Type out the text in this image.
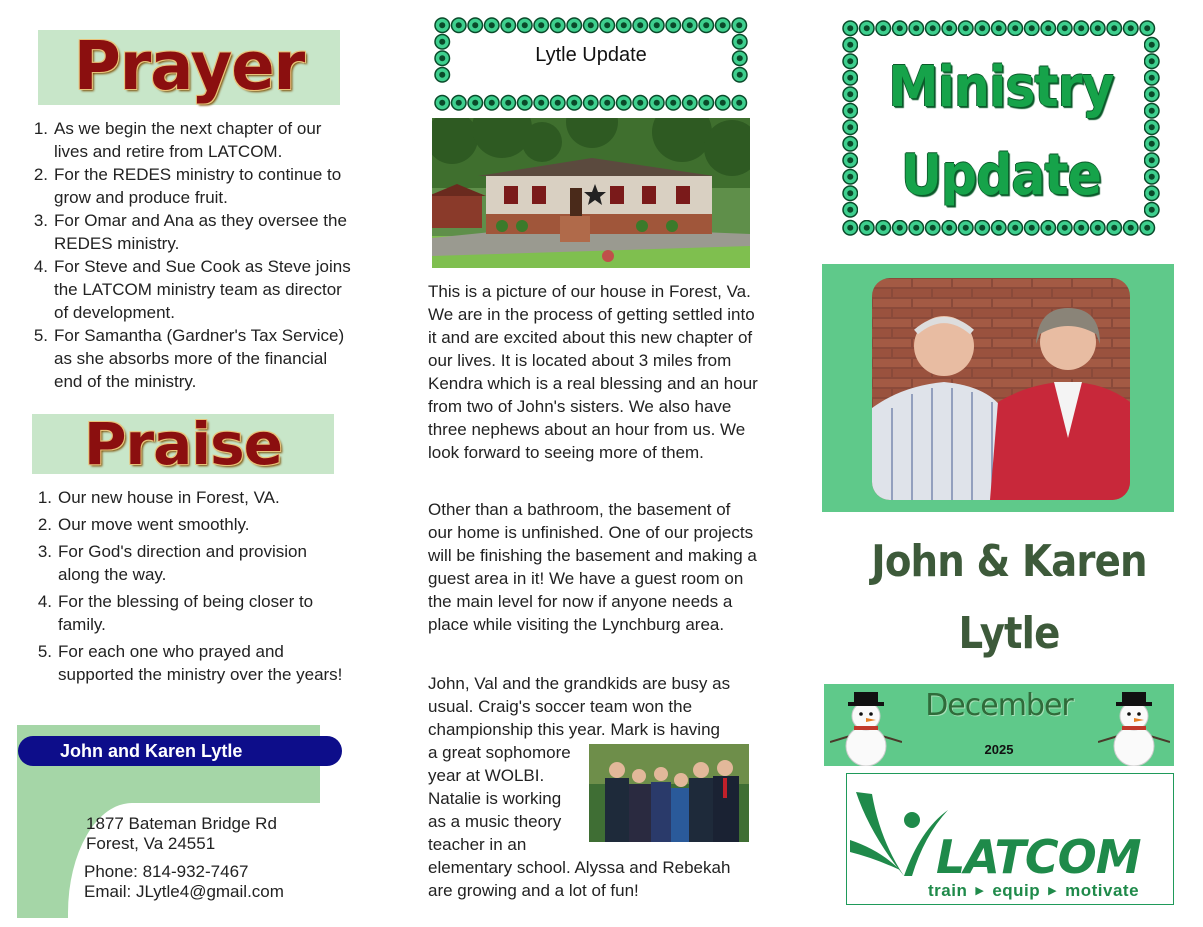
Prayer
1. As we begin the next chapter of our lives and retire from LATCOM.
2. For the REDES ministry to continue to grow and produce fruit.
3. For Omar and Ana as they oversee the REDES ministry.
4. For Steve and Sue Cook as Steve joins the LATCOM ministry team as director of development.
5. For Samantha (Gardner's Tax Service) as she absorbs more of the financial end of the ministry.
Praise
1. Our new house in Forest, VA.
2. Our move went smoothly.
3. For God's direction and provision along the way.
4. For the blessing of being closer to family.
5. For each one who prayed and supported the ministry over the years!
John and Karen Lytle
1877 Bateman Bridge Rd
Forest, Va 24551
Phone: 814-932-7467
Email: JLytle4@gmail.com
Lytle Update
This is a picture of our house in Forest, Va. We are in the process of getting settled into it and are excited about this new chapter of our lives. It is located about 3 miles from Kendra which is a real blessing and an hour from two of John's sisters. We also have three nephews about an hour from us. We look forward to seeing more of them.
Other than a bathroom, the basement of our home is unfinished. One of our projects will be finishing the basement and making a guest area in it! We have a guest room on the main level for now if anyone needs a place while visiting the Lynchburg area.
John, Val and the grandkids are busy as
usual. Craig's soccer team won the
championship this year. Mark is having
a great sophomore
year at WOLBI.
Natalie is working
as a music theory
teacher in an
elementary school. Alyssa and Rebekah
are growing and a lot of fun!
Ministry
Update
John & Karen
Lytle
December
2025
LATCOM
train ▶ equip ▶ motivate
